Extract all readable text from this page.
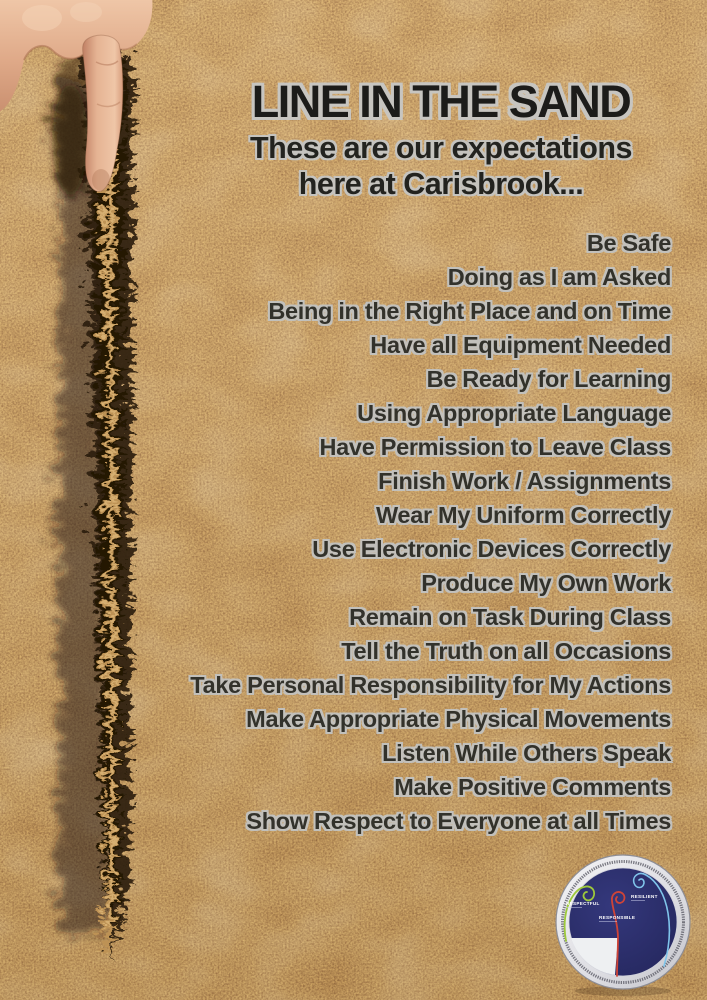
LINE IN THE SAND
These are our expectations
here at Carisbrook...
Be Safe
Doing as I am Asked
Being in the Right Place and on Time
Have all Equipment Needed
Be Ready for Learning
Using Appropriate Language
Have Permission to Leave Class
Finish Work / Assignments
Wear My Uniform Correctly
Use Electronic Devices Correctly
Produce My Own Work
Remain on Task During Class
Tell the Truth on all Occasions
Take Personal Responsibility for My Actions
Make Appropriate Physical Movements
Listen While Others Speak
Make Positive Comments
Show Respect to Everyone at all Times
RESPECTFUL
RESILIENT
RESPONSIBLE
